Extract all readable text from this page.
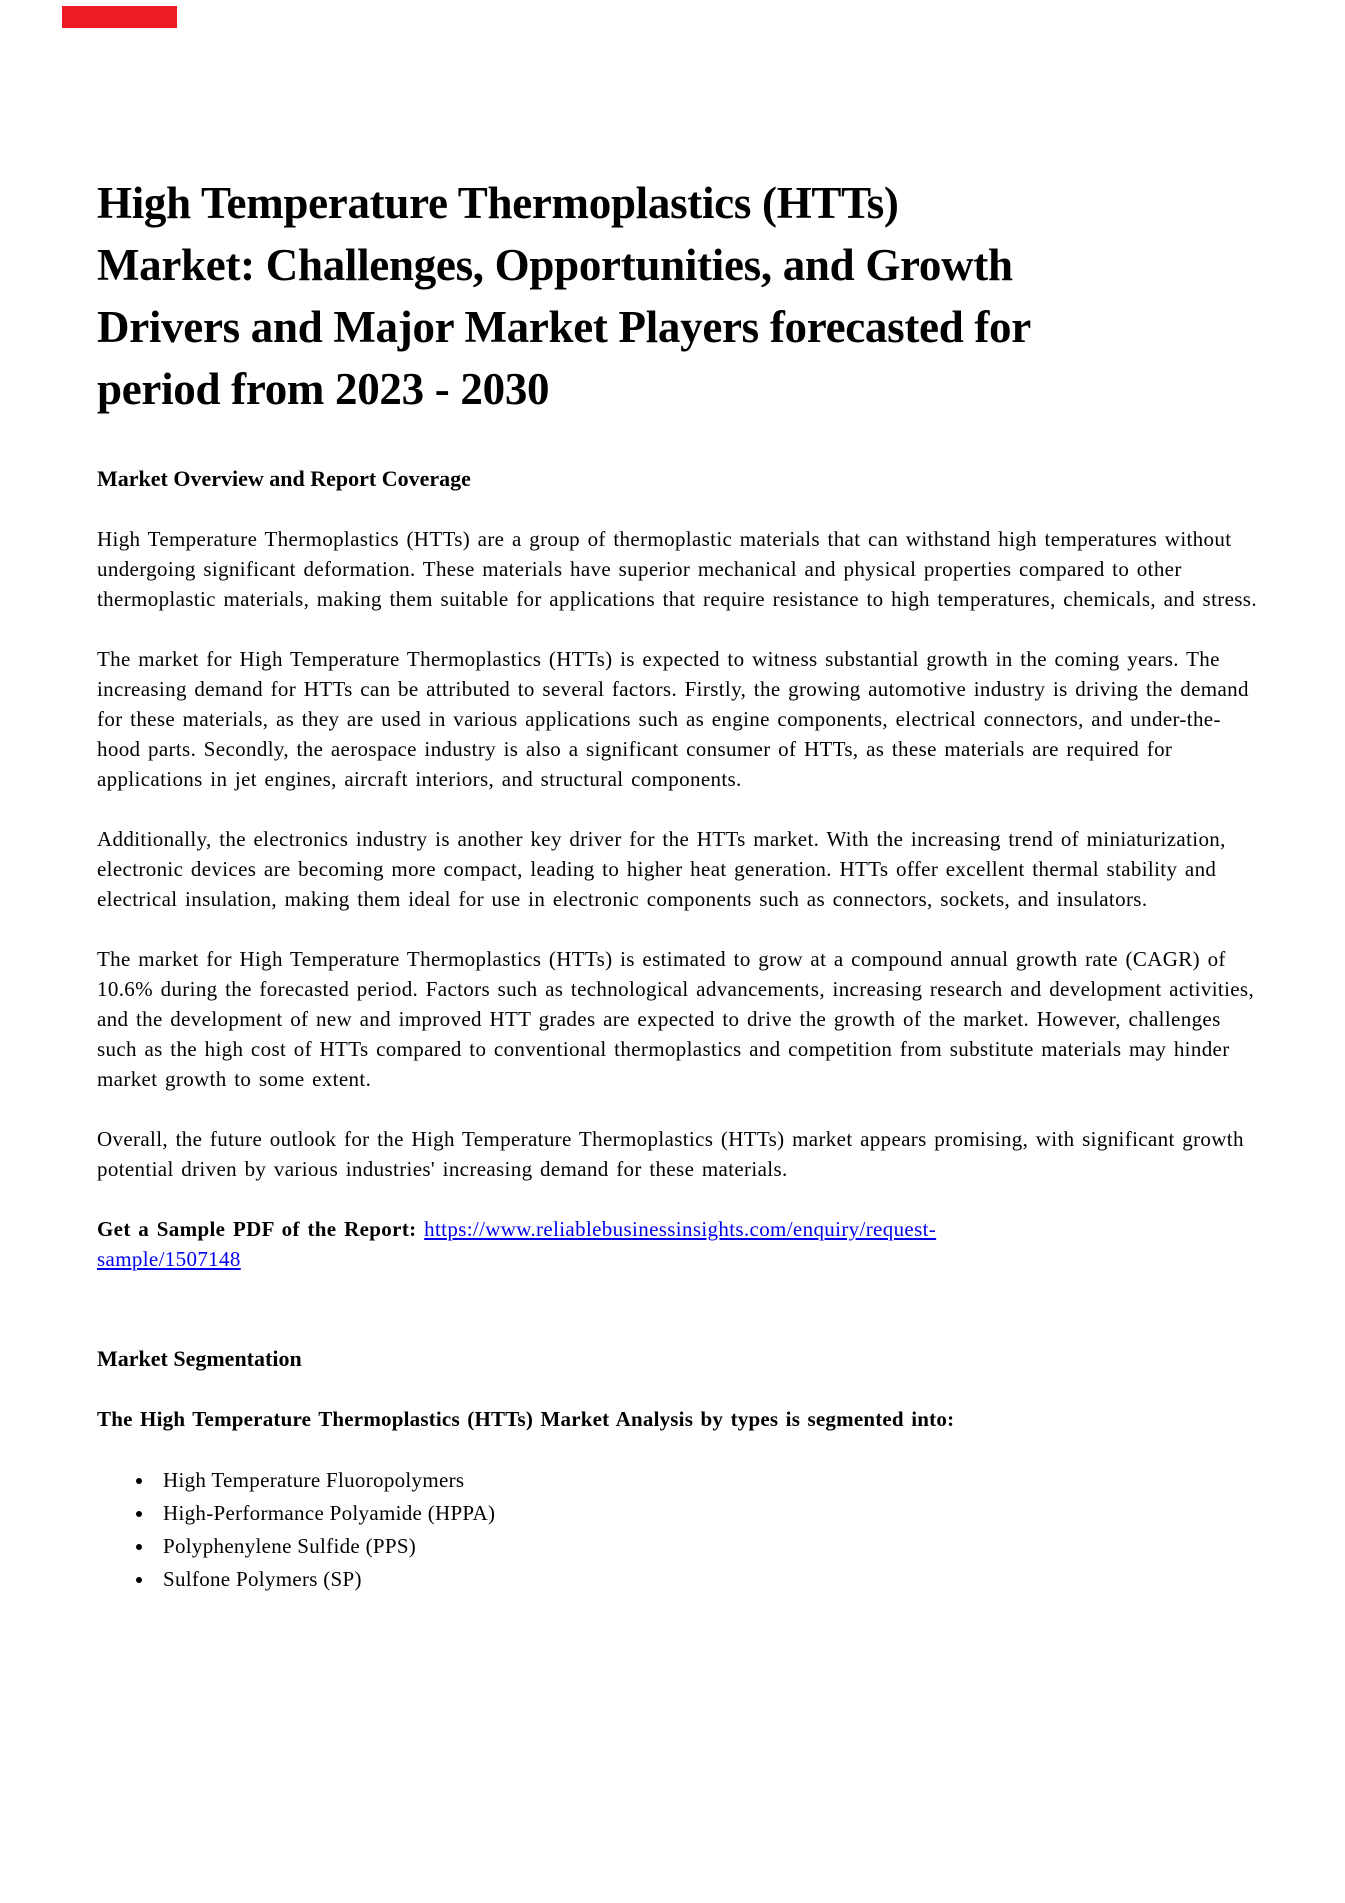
High Temperature Thermoplastics (HTTs)
Market: Challenges, Opportunities, and Growth
Drivers and Major Market Players forecasted for
period from 2023 - 2030
Market Overview and Report Coverage

High Temperature Thermoplastics (HTTs) are a group of thermoplastic materials that can withstand high temperatures without undergoing significant deformation. These materials have superior mechanical and physical properties compared to other thermoplastic materials, making them suitable for applications that require resistance to high temperatures, chemicals, and stress.

The market for High Temperature Thermoplastics (HTTs) is expected to witness substantial growth in the coming years. The increasing demand for HTTs can be attributed to several factors. Firstly, the growing automotive industry is driving the demand for these materials, as they are used in various applications such as engine components, electrical connectors, and under-the-hood parts. Secondly, the aerospace industry is also a significant consumer of HTTs, as these materials are required for applications in jet engines, aircraft interiors, and structural components.

Additionally, the electronics industry is another key driver for the HTTs market. With the increasing trend of miniaturization, electronic devices are becoming more compact, leading to higher heat generation. HTTs offer excellent thermal stability and electrical insulation, making them ideal for use in electronic components such as connectors, sockets, and insulators.

The market for High Temperature Thermoplastics (HTTs) is estimated to grow at a compound annual growth rate (CAGR) of 10.6% during the forecasted period. Factors such as technological advancements, increasing research and development activities, and the development of new and improved HTT grades are expected to drive the growth of the market. However, challenges such as the high cost of HTTs compared to conventional thermoplastics and competition from substitute materials may hinder market growth to some extent.

Overall, the future outlook for the High Temperature Thermoplastics (HTTs) market appears promising, with significant growth potential driven by various industries' increasing demand for these materials.

Get a Sample PDF of the Report: https://www.reliablebusinessinsights.com/enquiry/request-
sample/1507148

Market Segmentation

The High Temperature Thermoplastics (HTTs) Market Analysis by types is segmented into:

• High Temperature Fluoropolymers
• High-Performance Polyamide (HPPA)
• Polyphenylene Sulfide (PPS)
• Sulfone Polymers (SP)
